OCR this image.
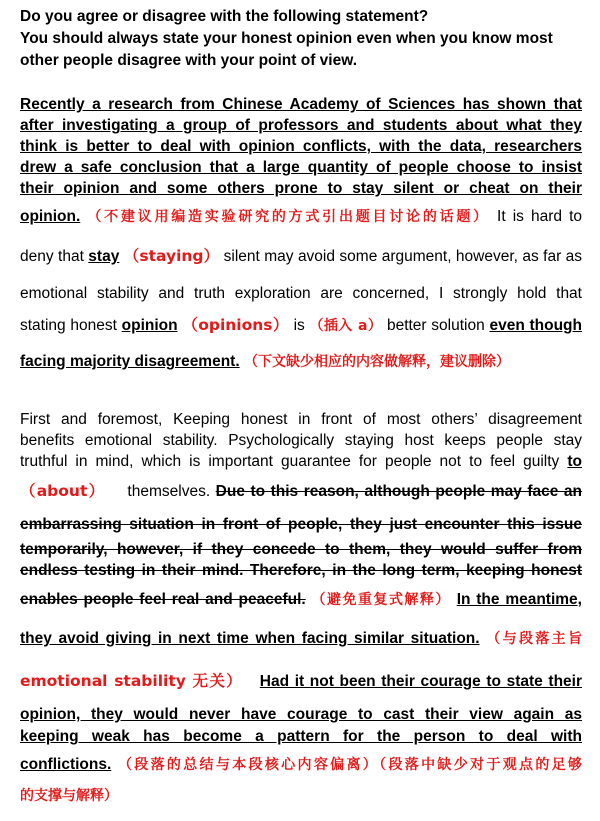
Do you agree or disagree with the following statement?
You should always state your honest opinion even when you know most
other people disagree with your point of view.
Recently a research from Chinese Academy of Sciences has shown that
after investigating a group of professors and students about what they
think is better to deal with opinion conflicts, with the data, researchers
drew a safe conclusion that a large quantity of people choose to insist
their opinion and some others prone to stay silent or cheat on their
opinion. （不建议用编造实验研究的方式引出题目讨论的话题） It is hard to
deny that stay （staying） silent may avoid some argument, however, as far as
emotional stability and truth exploration are concerned, I strongly hold that
stating honest opinion （opinions） is （插入 a） better solution even though
facing majority disagreement. （下文缺少相应的内容做解释，建议删除）
First and foremost, Keeping honest in front of most others’ disagreement
benefits emotional stability. Psychologically staying host keeps people stay
truthful in mind, which is important guarantee for people not to feel guilty to
（about） themselves. Due to this reason, although people may face an
embarrassing situation in front of people, they just encounter this issue
temporarily, however, if they concede to them, they would suffer from
endless testing in their mind. Therefore, in the long term, keeping honest
enables people feel real and peaceful. （避免重复式解释） In the meantime,
they avoid giving in next time when facing similar situation. （与段落主旨
emotional stability 无关） Had it not been their courage to state their
opinion, they would never have courage to cast their view again as
keeping weak has become a pattern for the person to deal with
conflictions. （段落的总结与本段核心内容偏离）（段落中缺少对于观点的足够
的支撑与解释）
